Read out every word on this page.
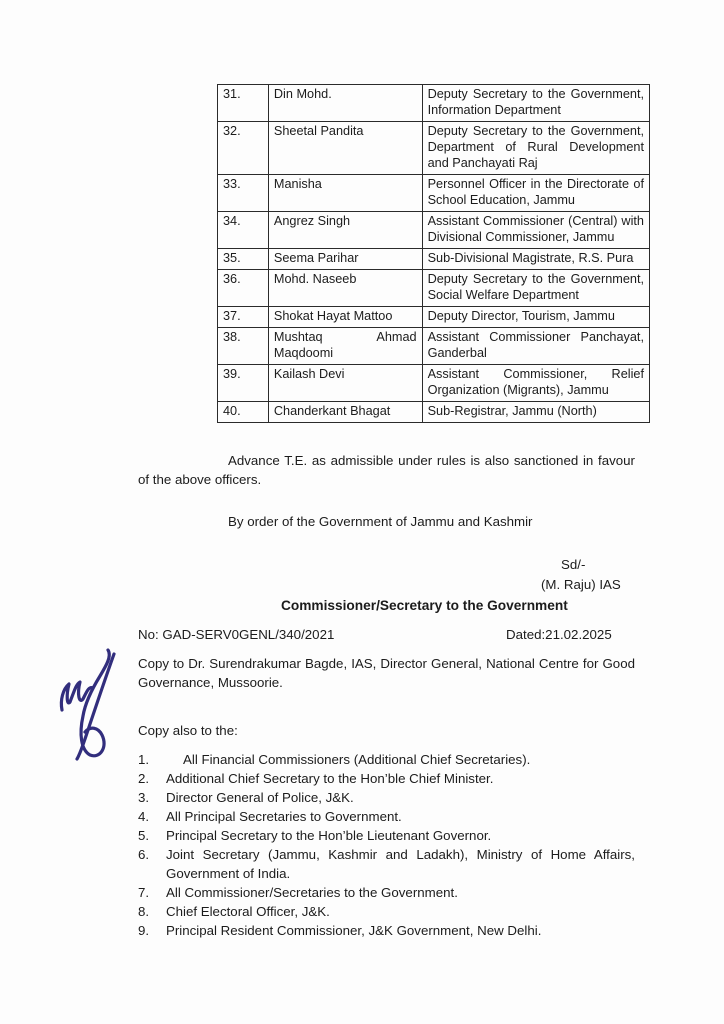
31.	Din Mohd.	Deputy Secretary to the Government, Information Department
32.	Sheetal Pandita	Deputy Secretary to the Government, Department of Rural Development and Panchayati Raj
33.	Manisha	Personnel Officer in the Directorate of School Education, Jammu
34.	Angrez Singh	Assistant Commissioner (Central) with Divisional Commissioner, Jammu
35.	Seema Parihar	Sub-Divisional Magistrate, R.S. Pura
36.	Mohd. Naseeb	Deputy Secretary to the Government, Social Welfare Department
37.	Shokat Hayat Mattoo	Deputy Director, Tourism, Jammu
38.	Mushtaq Ahmad Maqdoomi	Assistant Commissioner Panchayat, Ganderbal
39.	Kailash Devi	Assistant Commissioner, Relief Organization (Migrants), Jammu
40.	Chanderkant Bhagat	Sub-Registrar, Jammu (North)
Advance T.E. as admissible under rules is also sanctioned in favour of the above officers.
By order of the Government of Jammu and Kashmir
Sd/-
(M. Raju) IAS
Commissioner/Secretary to the Government
No: GAD-SERV0GENL/340/2021	Dated:21.02.2025
Copy to Dr. Surendrakumar Bagde, IAS, Director General, National Centre for Good Governance, Mussoorie.
Copy also to the:
1.	All Financial Commissioners (Additional Chief Secretaries).
2.	Additional Chief Secretary to the Hon’ble Chief Minister.
3.	Director General of Police, J&K.
4.	All Principal Secretaries to Government.
5.	Principal Secretary to the Hon’ble Lieutenant Governor.
6.	Joint Secretary (Jammu, Kashmir and Ladakh), Ministry of Home Affairs, Government of India.
7.	All Commissioner/Secretaries to the Government.
8.	Chief Electoral Officer, J&K.
9.	Principal Resident Commissioner, J&K Government, New Delhi.
